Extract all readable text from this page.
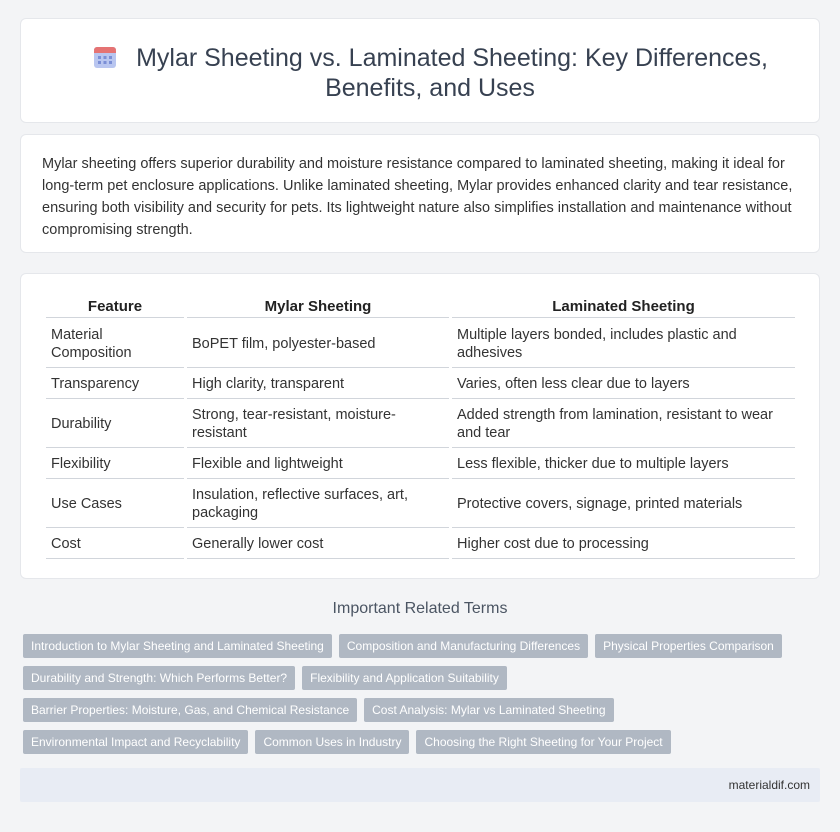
Mylar Sheeting vs. Laminated Sheeting: Key Differences, Benefits, and Uses

Mylar sheeting offers superior durability and moisture resistance compared to laminated sheeting, making it ideal for long-term pet enclosure applications. Unlike laminated sheeting, Mylar provides enhanced clarity and tear resistance, ensuring both visibility and security for pets. Its lightweight nature also simplifies installation and maintenance without compromising strength.

Feature	Mylar Sheeting	Laminated Sheeting
Material Composition	BoPET film, polyester-based	Multiple layers bonded, includes plastic and adhesives
Transparency	High clarity, transparent	Varies, often less clear due to layers
Durability	Strong, tear-resistant, moisture-resistant	Added strength from lamination, resistant to wear and tear
Flexibility	Flexible and lightweight	Less flexible, thicker due to multiple layers
Use Cases	Insulation, reflective surfaces, art, packaging	Protective covers, signage, printed materials
Cost	Generally lower cost	Higher cost due to processing
Important Related Terms
Introduction to Mylar Sheeting and Laminated Sheeting Composition and Manufacturing Differences Physical Properties Comparison
Durability and Strength: Which Performs Better? Flexibility and Application Suitability
Barrier Properties: Moisture, Gas, and Chemical Resistance Cost Analysis: Mylar vs Laminated Sheeting
Environmental Impact and Recyclability Common Uses in Industry Choosing the Right Sheeting for Your Project
materialdif.com
